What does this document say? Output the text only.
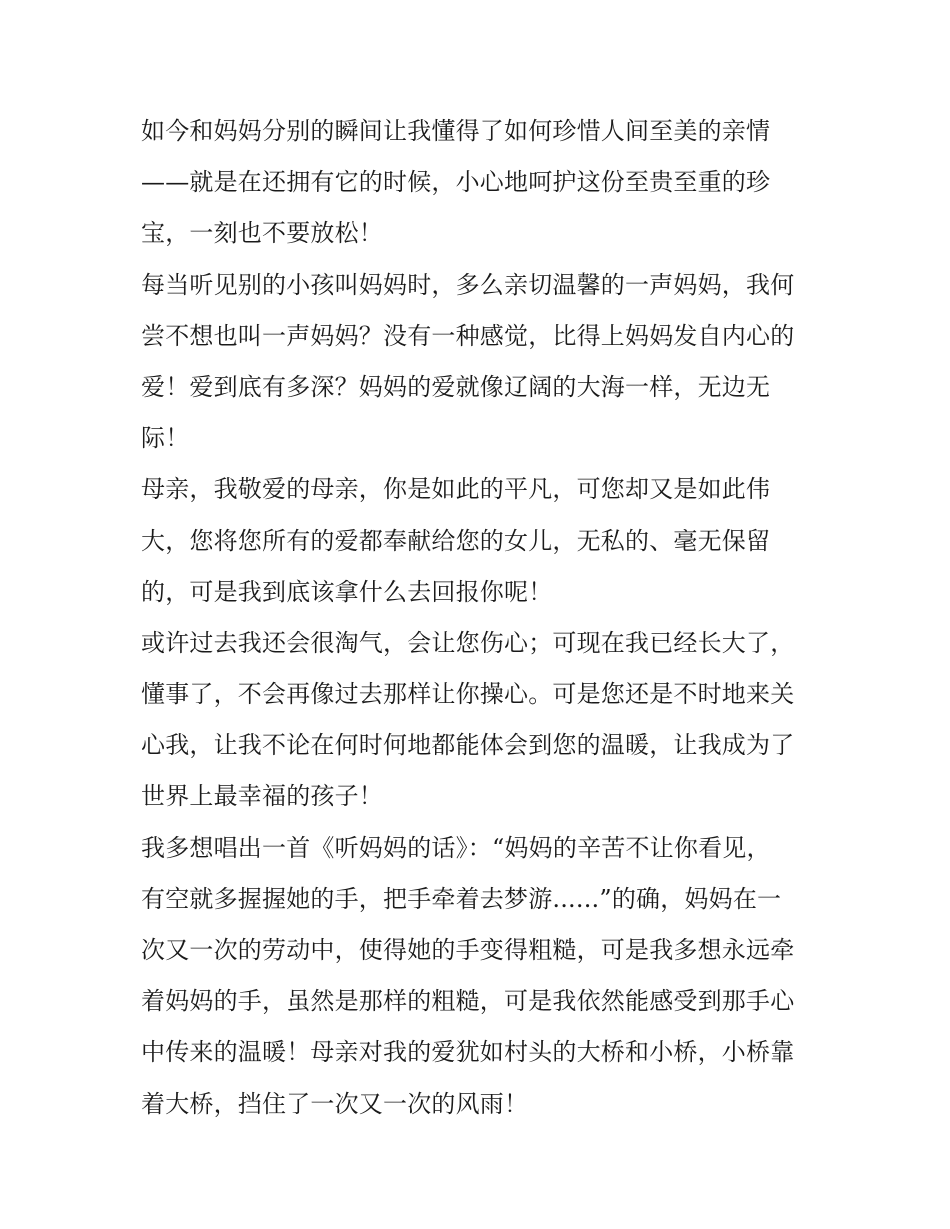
如今和妈妈分别的瞬间让我懂得了如何珍惜人间至美的亲情
——就是在还拥有它的时候，小心地呵护这份至贵至重的珍
宝，一刻也不要放松！
每当听见别的小孩叫妈妈时，多么亲切温馨的一声妈妈，我何
尝不想也叫一声妈妈？没有一种感觉，比得上妈妈发自内心的
爱！爱到底有多深？妈妈的爱就像辽阔的大海一样，无边无
际！
母亲，我敬爱的母亲，你是如此的平凡，可您却又是如此伟
大，您将您所有的爱都奉献给您的女儿，无私的、毫无保留
的，可是我到底该拿什么去回报你呢！
或许过去我还会很淘气，会让您伤心；可现在我已经长大了，
懂事了，不会再像过去那样让你操心。可是您还是不时地来关
心我，让我不论在何时何地都能体会到您的温暖，让我成为了
世界上最幸福的孩子！
我多想唱出一首《听妈妈的话》：“妈妈的辛苦不让你看见，
有空就多握握她的手，把手牵着去梦游......”的确，妈妈在一
次又一次的劳动中，使得她的手变得粗糙，可是我多想永远牵
着妈妈的手，虽然是那样的粗糙，可是我依然能感受到那手心
中传来的温暖！母亲对我的爱犹如村头的大桥和小桥，小桥靠
着大桥，挡住了一次又一次的风雨！
